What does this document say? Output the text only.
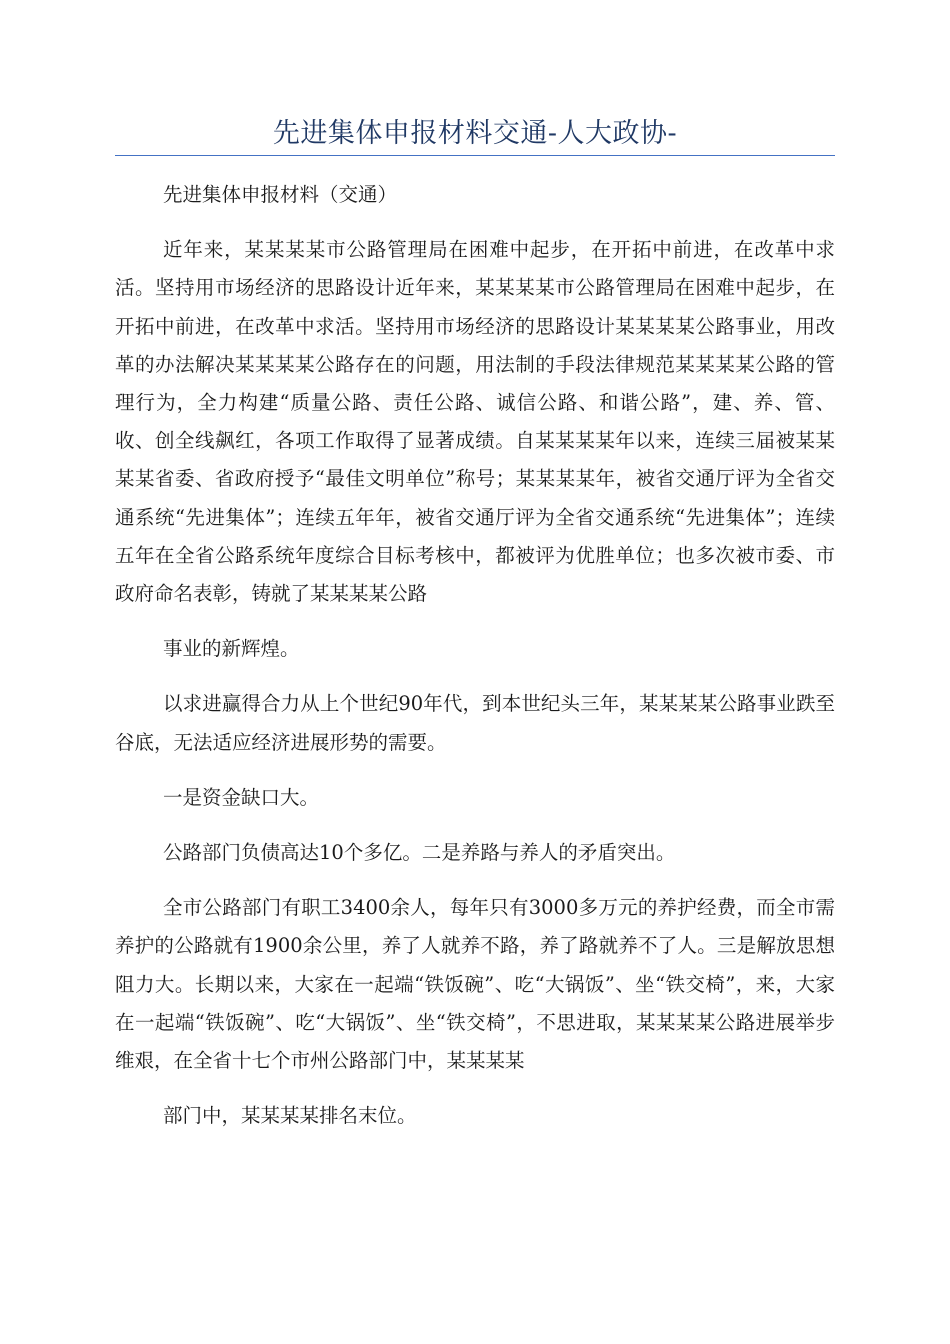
先进集体申报材料交通-人大政协-

先进集体申报材料（交通）

近年来，某某某某市公路管理局在困难中起步，在开拓中前进，在改革中求活。坚持用市场经济的思路设计近年来，某某某某市公路管理局在困难中起步，在开拓中前进，在改革中求活。坚持用市场经济的思路设计某某某某公路事业，用改革的办法解决某某某某公路存在的问题，用法制的手段法律规范某某某某公路的管理行为，全力构建“质量公路、责任公路、诚信公路、和谐公路”，建、养、管、收、创全线飙红，各项工作取得了显著成绩。自某某某某年以来，连续三届被某某某某省委、省政府授予“最佳文明单位”称号；某某某某年，被省交通厅评为全省交通系统“先进集体”；连续五年年，被省交通厅评为全省交通系统“先进集体”；连续五年在全省公路系统年度综合目标考核中，都被评为优胜单位；也多次被市委、市政府命名表彰，铸就了某某某某公路

事业的新辉煌。

以求进赢得合力从上个世纪90年代，到本世纪头三年，某某某某公路事业跌至谷底，无法适应经济进展形势的需要。

一是资金缺口大。

公路部门负债高达10个多亿。二是养路与养人的矛盾突出。

全市公路部门有职工3400余人，每年只有3000多万元的养护经费，而全市需养护的公路就有1900余公里，养了人就养不路，养了路就养不了人。三是解放思想阻力大。长期以来，大家在一起端“铁饭碗”、吃“大锅饭”、坐“铁交椅”，来，大家在一起端“铁饭碗”、吃“大锅饭”、坐“铁交椅”，不思进取，某某某某公路进展举步维艰，在全省十七个市州公路部门中，某某某某

部门中，某某某某排名末位。
